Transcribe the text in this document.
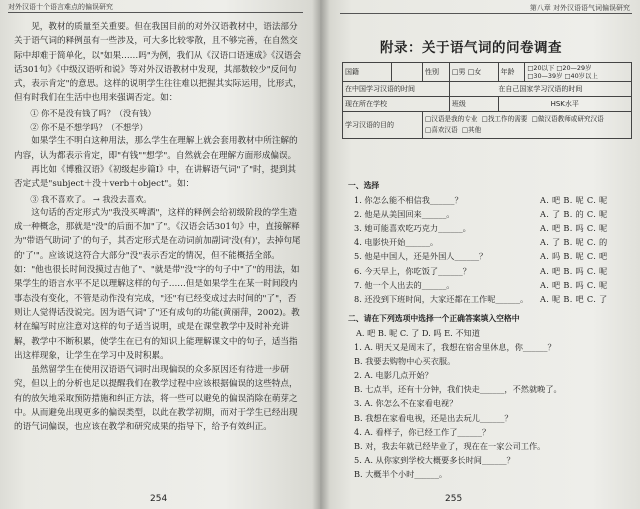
对外汉语十个语言难点的偏误研究

见，教材的质量至关重要。但在我国目前的对外汉语教材中，语法部分关于语气词的释例虽有一些涉及，可大多比较零散，且不够完善，在自然交际中却难于简单化，以"如果……吗"为例，我们从《汉语口语速成》《汉语会话301句》《中级汉语听和说》等对外汉语教材中发现，其部数较少"反问句式，表示肯定"的意思。这样的说明学生往往难以把握其实际运用，比形式，但有时我们在生活中也用来强调否定。如：

① 你不是没有钱了吗？（没有钱）
② 你不是不想学吗？（不想学）

如果学生不明白这种用法，那么学生在理解上就会套用教材中所注解的内容，认为都表示肯定，即"有钱""想学"。自然就会在理解方面形成偏误。

再比如《博雅汉语》《初级起步篇Ⅰ》中，在讲解语气词"了"时，提到其否定式是"subject＋没＋verb＋object"。如：

③ 我不喜欢了。 → 我没去喜欢。

这句话的否定形式为"我没买啤酒"，这样的释例会给初级阶段的学生造成一种概念，那就是"没"的后面不加"了"。《汉语会话301句》中，直接解释为"带语气助词'了'的句子，其否定形式是在动词前加副词'没(有)'，去掉句尾的'了'"。应该说这符合大部分"没"表示否定的情况，但不能概括全部。如："他也很长时间没摸过吉他了"、"就是带"没"字的句子中"了"的用法，如果学生的语言水平不足以理解这样的句子……但是如果学生在某一时间段内事态没有变化，不管是动作没有完成，"还"有已经变成过去时间的"了"，否则让人觉得话没说完。因为语气词"了"还有成句的功能(黄丽萍，2002)。教材在编写时应注意对这样的句子适当说明，或是在课堂教学中及时补充讲解，教学中不断积累，使学生在已有的知识上能理解课文中的句子，适当指出这样现象，让学生在学习中及时积累。

虽然留学生在使用汉语语气词时出现偏误的众多原因还有待进一步研究，但以上的分析也足以提醒我们在教学过程中应该根据偏误的这些特点，有的放矢地采取预防措施和纠正方法，将一些可以避免的偏误消除在萌芽之中。从而避免出现更多的偏误类型，以此在教学初期，而对于学生已经出现的语气词偏误，也应该在教学和研究成果的指导下，给予有效纠正。

254
第八章 对外汉语语气词偏误研究
附录：关于语气词的问卷调查
国籍		性别	□男 □女	年龄	□20以下 □20—29岁
□30—39岁 □40岁以上
在中国学习汉语的时间			在自己国家学习汉语的时间		
现在所在学校			班级	HSK水平	
学习汉语的目的		□汉语是我的专业 □找工作的需要 □做汉语教师或研究汉语
□喜欢汉语 □其他			
一、选择
1. 你怎么能不相信我______？	A. 吧 B. 呢 C. 呢
2. 他是从美国回来______。	A. 了 B. 的 C. 呢
3. 她可能喜欢吃巧克力______。	A. 吧 B. 吗 C. 呢
4. 电影快开始______。	A. 了 B. 呢 C. 的
5. 他是中国人，还是外国人______？	A. 吗 B. 呢 C. 吧
6. 今天早上，你吃饭了______？	A. 吧 B. 吗 C. 呢
7. 他一个人出去的______。	A. 吧 B. 吗 C. 呢
8. 还没到下班时间，大家还都在工作呢______。 A. 呢 B. 吧 C. 了
二、请在下列选项中选择一个正确答案填入空格中
A. 吧 B. 呢 C. 了 D. 吗 E. 不知道
1. A. 明天又是周末了，我想在宿舍里休息，你______？
B. 我要去购物中心买衣服。
2. A. 电影几点开始？
B. 七点半，还有十分钟，我们快走______，不然就晚了。
3. A. 你怎么不在家看电视？
B. 我想在家看电视，还是出去玩儿______？
4. A. 看样子，你已经工作了______？
B. 对，我去年就已经毕业了，现在在一家公司工作。
5. A. 从你家到学校大概要多长时间______？
B. 大概半个小时______。
255
